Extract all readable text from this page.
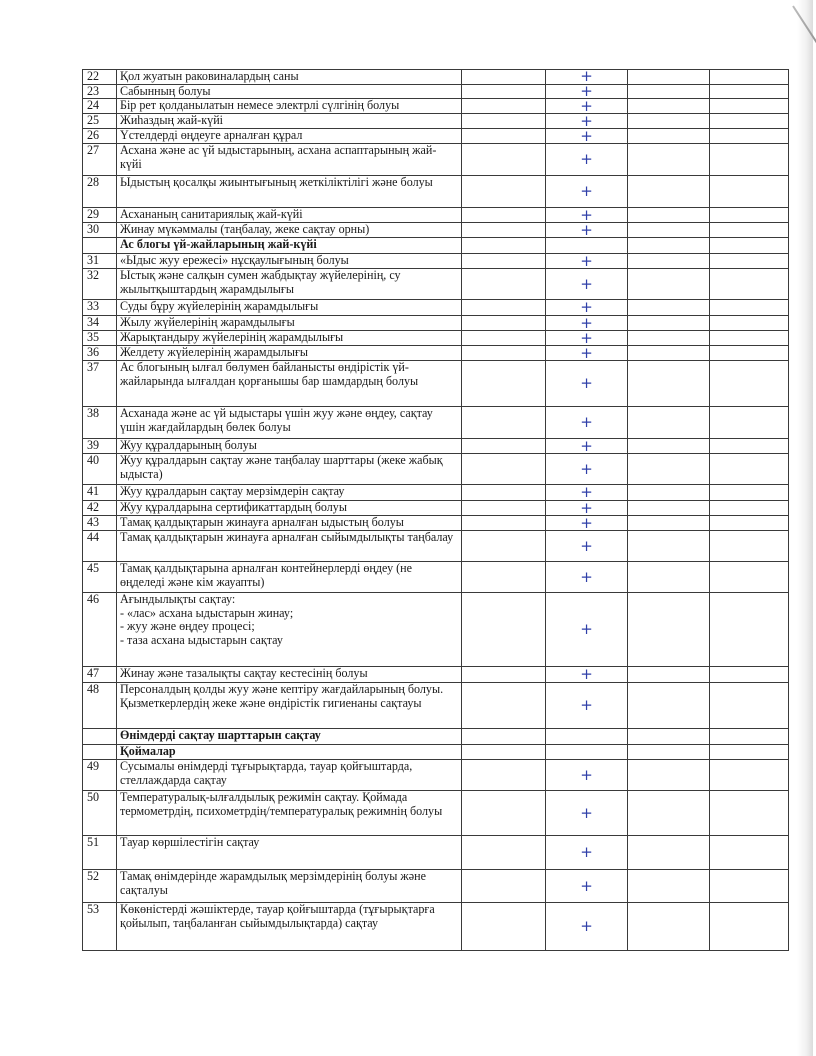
22	Қол жуатын раковиналардың саны		+		
23	Сабынның болуы		+		
24	Бір рет қолданылатын немесе электрлі сүлгінің болуы		+		
25	Жиһаздың жай-күйі		+		
26	Үстелдерді өңдеуге арналған құрал		+		
27	Асхана және ас үй ыдыстарының, асхана аспаптарының жай-күйі		+		
28	Ыдыстың қосалқы жиынтығының жеткіліктілігі және болуы		+		
29	Асхананың санитариялық жай-күйі		+		
30	Жинау мүкәммалы (таңбалау, жеке сақтау орны)		+		
	Ас блогы үй-жайларының жай-күйі				
31	«Ыдыс жуу ережесі» нұсқаулығының болуы		+		
32	Ыстық және салқын сумен жабдықтау жүйелерінің, су жылытқыштардың жарамдылығы		+		
33	Суды бұру жүйелерінің жарамдылығы		+		
34	Жылу жүйелерінің жарамдылығы		+		
35	Жарықтандыру жүйелерінің жарамдылығы		+		
36	Желдету жүйелерінің жарамдылығы		+		
37	Ас блогының ылғал бөлумен байланысты өндірістік үй-жайларында ылғалдан қорғанышы бар шамдардың болуы		+		
38	Асханада және ас үй ыдыстары үшін жуу және өңдеу, сақтау үшін жағдайлардың бөлек болуы		+		
39	Жуу құралдарының болуы		+		
40	Жуу құралдарын сақтау және таңбалау шарттары (жеке жабық ыдыста)		+		
41	Жуу құралдарын сақтау мерзімдерін сақтау		+		
42	Жуу құралдарына сертификаттардың болуы		+		
43	Тамақ қалдықтарын жинауға арналған ыдыстың болуы		+		
44	Тамақ қалдықтарын жинауға арналған сыйымдылықты таңбалау		+		
45	Тамақ қалдықтарына арналған контейнерлерді өңдеу (не өңделеді және кім жауапты)		+		
46	Ағындылықты сақтау:
- «лас» асхана ыдыстарын жинау;
- жуу және өңдеу процесі;
- таза асхана ыдыстарын сақтау		+		
47	Жинау және тазалықты сақтау кестесінің болуы		+		
48	Персоналдың қолды жуу және кептіру жағдайларының болуы. Қызметкерлердің жеке және өндірістік гигиенаны сақтауы		+		
	Өнімдерді сақтау шарттарын сақтау				
	Қоймалар				
49	Сусымалы өнімдерді тұғырықтарда, тауар қойғыштарда, стеллаждарда сақтау		+		
50	Температуралық-ылғалдылық режимін сақтау. Қоймада термометрдің, психометрдің/температуралық режимнің болуы		+		
51	Тауар көршілестігін сақтау		+		
52	Тамақ өнімдерінде жарамдылық мерзімдерінің болуы және сақталуы		+		
53	Көкөністерді жәшіктерде, тауар қойғыштарда (тұғырықтарға қойылып, таңбаланған сыйымдылықтарда) сақтау		+		
